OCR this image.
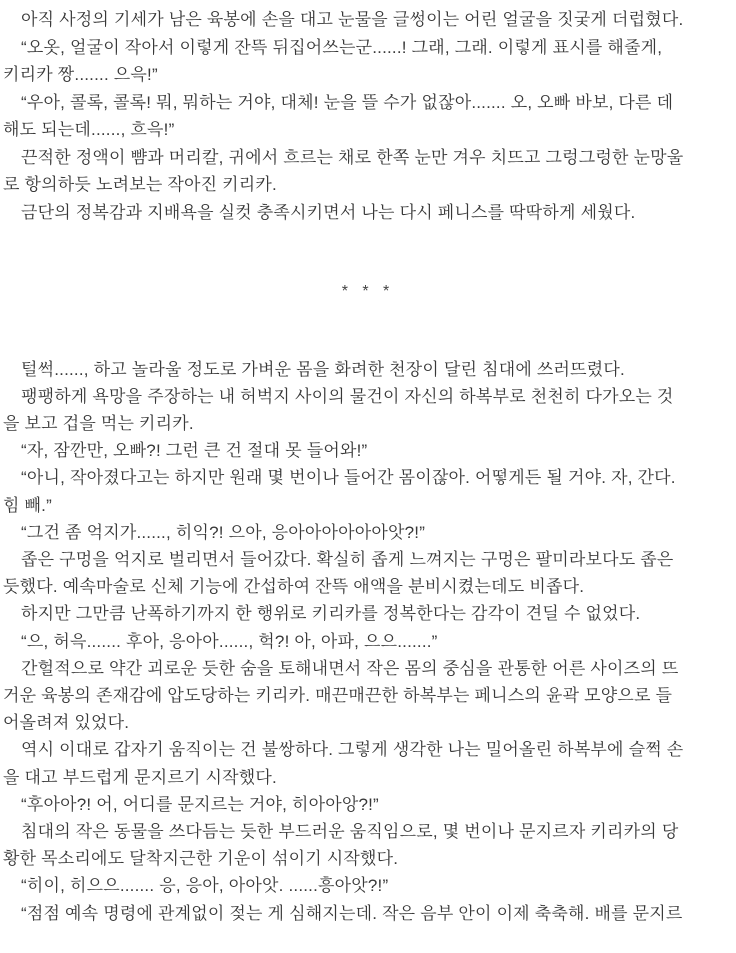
아직 사정의 기세가 남은 육봉에 손을 대고 눈물을 글썽이는 어린 얼굴을 짓궂게 더럽혔다.
“오옷, 얼굴이 작아서 이렇게 잔뜩 뒤집어쓰는군......! 그래, 그래. 이렇게 표시를 해줄게,
키리카 짱....... 으윽!”
“우아, 콜록, 콜록! 뭐, 뭐하는 거야, 대체! 눈을 뜰 수가 없잖아....... 오, 오빠 바보, 다른 데
해도 되는데......, 흐윽!”
끈적한 정액이 뺨과 머리칼, 귀에서 흐르는 채로 한쪽 눈만 겨우 치뜨고 그렁그렁한 눈망울
로 항의하듯 노려보는 작아진 키리카.
금단의 정복감과 지배욕을 실컷 충족시키면서 나는 다시 페니스를 딱딱하게 세웠다.
* * *
털썩......, 하고 놀라울 정도로 가벼운 몸을 화려한 천장이 달린 침대에 쓰러뜨렸다.
팽팽하게 욕망을 주장하는 내 허벅지 사이의 물건이 자신의 하복부로 천천히 다가오는 것
을 보고 겁을 먹는 키리카.
“자, 잠깐만, 오빠?! 그런 큰 건 절대 못 들어와!”
“아니, 작아졌다고는 하지만 원래 몇 번이나 들어간 몸이잖아. 어떻게든 될 거야. 자, 간다.
힘 빼.”
“그건 좀 억지가......, 히익?! 으아, 응아아아아아아앗?!”
좁은 구멍을 억지로 벌리면서 들어갔다. 확실히 좁게 느껴지는 구멍은 팔미라보다도 좁은
듯했다. 예속마술로 신체 기능에 간섭하여 잔뜩 애액을 분비시켰는데도 비좁다.
하지만 그만큼 난폭하기까지 한 행위로 키리카를 정복한다는 감각이 견딜 수 없었다.
“으, 허윽....... 후아, 응아아......, 헉?! 아, 아파, 으으.......”
간헐적으로 약간 괴로운 듯한 숨을 토해내면서 작은 몸의 중심을 관통한 어른 사이즈의 뜨
거운 육봉의 존재감에 압도당하는 키리카. 매끈매끈한 하복부는 페니스의 윤곽 모양으로 들
어올려져 있었다.
역시 이대로 갑자기 움직이는 건 불쌍하다. 그렇게 생각한 나는 밀어올린 하복부에 슬쩍 손
을 대고 부드럽게 문지르기 시작했다.
“후아아?! 어, 어디를 문지르는 거야, 히아아앙?!”
침대의 작은 동물을 쓰다듬는 듯한 부드러운 움직임으로, 몇 번이나 문지르자 키리카의 당
황한 목소리에도 달착지근한 기운이 섞이기 시작했다.
“히이, 히으으....... 응, 응아, 아아앗. ......흥아앗?!”
“점점 예속 명령에 관계없이 젖는 게 심해지는데. 작은 음부 안이 이제 축축해. 배를 문지르
